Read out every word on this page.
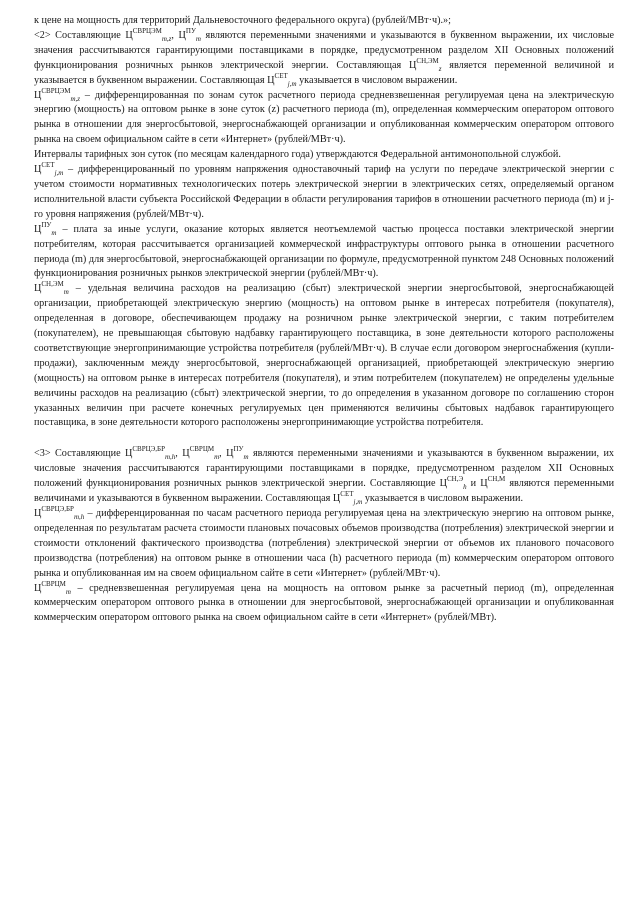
к цене на мощность для территорий Дальневосточного федерального округа) (рублей/МВт·ч).»;

<2> Составляющие $Ц^{СВРЦЭМ}_{m,z}$, $Ц^{ПУ}_m$ являются переменными значениями и указываются в буквенном выражении, их числовые значения рассчитываются гарантирующими поставщиками в порядке, предусмотренном разделом XII Основных положений функционирования розничных рынков электрической энергии. Составляющая $Ц^{СН,ЭМ}_z$ является переменной величиной и указывается в буквенном выражении. Составляющая $Ц^{СЕТ}_{j,m}$ указывается в числовом выражении.

$Ц^{СВРЦЭМ}_{m,z}$ – дифференцированная по зонам суток расчетного периода средневзвешенная регулируемая цена на электрическую энергию (мощность) на оптовом рынке в зоне суток (z) расчетного периода (m), определенная коммерческим оператором оптового рынка в отношении для энергосбытовой, энергоснабжающей организации и опубликованная коммерческим оператором оптового рынка на своем официальном сайте в сети «Интернет» (рублей/МВт·ч).

Интервалы тарифных зон суток (по месяцам календарного года) утверждаются Федеральной антимонопольной службой.

$Ц^{СЕТ}_{j,m}$ – дифференцированный по уровням напряжения одноставочный тариф на услуги по передаче электрической энергии с учетом стоимости нормативных технологических потерь электрической энергии в электрических сетях, определяемый органом исполнительной власти субъекта Российской Федерации в области регулирования тарифов в отношении расчетного периода (m) и j-го уровня напряжения (рублей/МВт·ч).

$Ц^{ПУ}_m$ – плата за иные услуги, оказание которых является неотъемлемой частью процесса поставки электрической энергии потребителям, которая рассчитывается организацией коммерческой инфраструктуры оптового рынка в отношении расчетного периода (m) для энергосбытовой, энергоснабжающей организации по формуле, предусмотренной пунктом 248 Основных положений функционирования розничных рынков электрической энергии (рублей/МВт·ч).

$Ц^{СН,ЭМ}_m$ – удельная величина расходов на реализацию (сбыт) электрической энергии энергосбытовой, энергоснабжающей организации, приобретающей электрическую энергию (мощность) на оптовом рынке в интересах потребителя (покупателя), определенная в договоре, обеспечивающем продажу на розничном рынке электрической энергии, с таким потребителем (покупателем), не превышающая сбытовую надбавку гарантирующего поставщика, в зоне деятельности которого расположены соответствующие энергопринимающие устройства потребителя (рублей/МВт·ч). В случае если договором энергоснабжения (купли-продажи), заключенным между энергосбытовой, энергоснабжающей организацией, приобретающей электрическую энергию (мощность) на оптовом рынке в интересах потребителя (покупателя), и этим потребителем (покупателем) не определены удельные величины расходов на реализацию (сбыт) электрической энергии, то до определения в указанном договоре по соглашению сторон указанных величин при расчете конечных регулируемых цен применяются величины сбытовых надбавок гарантирующего поставщика, в зоне деятельности которого расположены энергопринимающие устройства потребителя.

<3> Составляющие $Ц^{СВРЦЭ,БР}_{m,h}$, $Ц^{СВРЦМ}_m$, $Ц^{ПУ}_m$ являются переменными значениями и указываются в буквенном выражении, их числовые значения рассчитываются гарантирующими поставщиками в порядке, предусмотренном разделом XII Основных положений функционирования розничных рынков электрической энергии. Составляющие $Ц^{СН,Э}_h$ и $Ц^{СН,М}$ являются переменными величинами и указываются в буквенном выражении. Составляющая $Ц^{СЕТ}_{j,m}$ указывается в числовом выражении.

$Ц^{СВРЦЭ,БР}_{m,h}$ – дифференцированная по часам расчетного периода регулируемая цена на электрическую энергию на оптовом рынке, определенная по результатам расчета стоимости плановых почасовых объемов производства (потребления) электрической энергии и стоимости отклонений фактического производства (потребления) электрической энергии от объемов их планового почасового производства (потребления) на оптовом рынке в отношении часа (h) расчетного периода (m) коммерческим оператором оптового рынка и опубликованная им на своем официальном сайте в сети «Интернет» (рублей/МВт·ч).

$Ц^{СВРЦМ}_m$ – средневзвешенная регулируемая цена на мощность на оптовом рынке за расчетный период (m), определенная коммерческим оператором оптового рынка в отношении для энергосбытовой, энергоснабжающей организации и опубликованная коммерческим оператором оптового рынка на своем официальном сайте в сети «Интернет» (рублей/МВт).
